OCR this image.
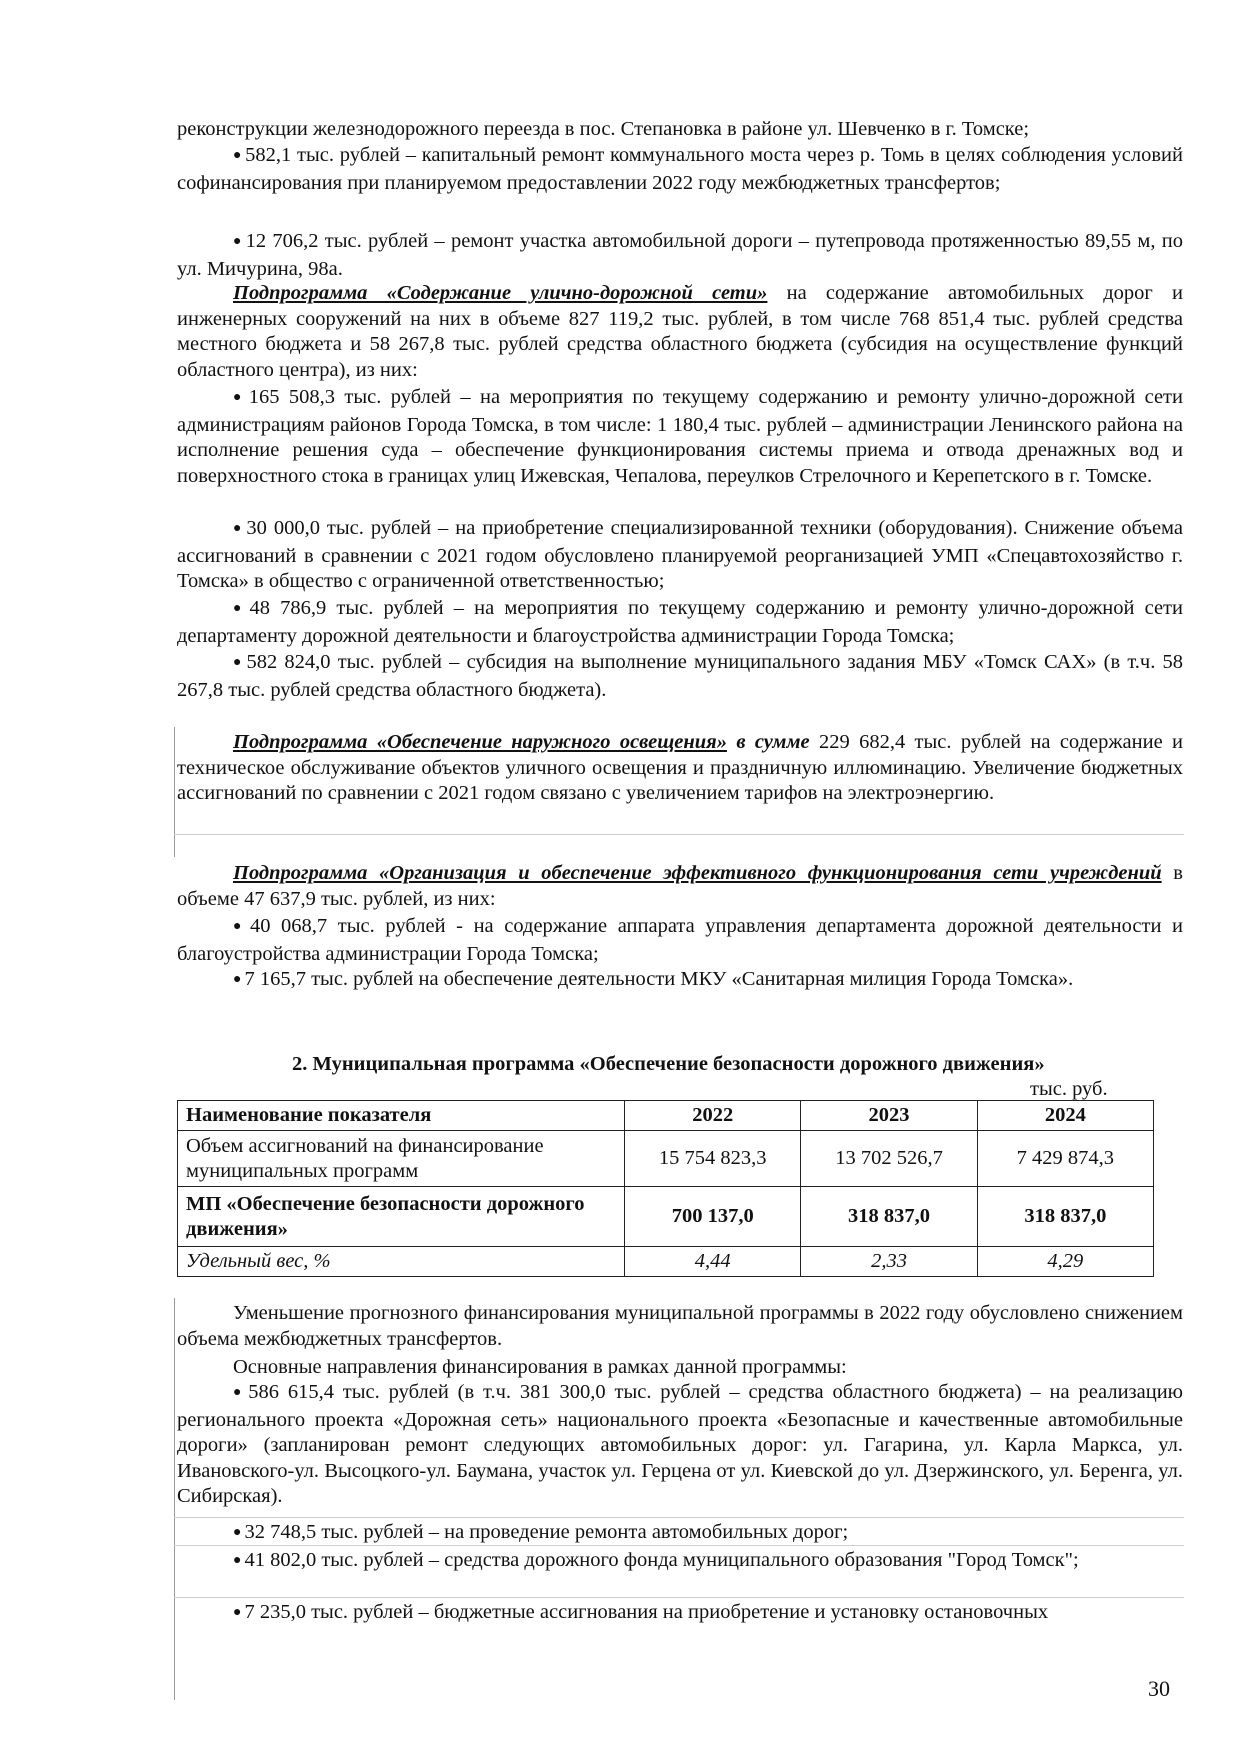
реконструкции железнодорожного переезда в пос. Степановка в районе ул. Шевченко в г. Томске;
● 582,1 тыс. рублей – капитальный ремонт коммунального моста через р. Томь в целях соблюдения условий софинансирования при планируемом предоставлении 2022 году межбюджетных трансфертов;
● 12 706,2 тыс. рублей – ремонт участка автомобильной дороги – путепровода протяженностью 89,55 м, по ул. Мичурина, 98а.
Подпрограмма «Содержание улично-дорожной сети» на содержание автомобильных дорог и инженерных сооружений на них в объеме 827 119,2 тыс. рублей, в том числе 768 851,4 тыс. рублей средства местного бюджета и 58 267,8 тыс. рублей средства областного бюджета (субсидия на осуществление функций областного центра), из них:
● 165 508,3 тыс. рублей – на мероприятия по текущему содержанию и ремонту улично-дорожной сети администрациям районов Города Томска, в том числе: 1 180,4 тыс. рублей – администрации Ленинского района на исполнение решения суда – обеспечение функционирования системы приема и отвода дренажных вод и поверхностного стока в границах улиц Ижевская, Чепалова, переулков Стрелочного и Керепетского в г. Томске.
● 30 000,0 тыс. рублей – на приобретение специализированной техники (оборудования). Снижение объема ассигнований в сравнении с 2021 годом обусловлено планируемой реорганизацией УМП «Спецавтохозяйство г. Томска» в общество с ограниченной ответственностью;
● 48 786,9 тыс. рублей – на мероприятия по текущему содержанию и ремонту улично-дорожной сети департаменту дорожной деятельности и благоустройства администрации Города Томска;
● 582 824,0 тыс. рублей – субсидия на выполнение муниципального задания МБУ «Томск САХ» (в т.ч. 58 267,8 тыс. рублей средства областного бюджета).
Подпрограмма «Обеспечение наружного освещения» в сумме 229 682,4 тыс. рублей на содержание и техническое обслуживание объектов уличного освещения и праздничную иллюминацию. Увеличение бюджетных ассигнований по сравнении с 2021 годом связано с увеличением тарифов на электроэнергию.
Подпрограмма «Организация и обеспечение эффективного функционирования сети учреждений в объеме 47 637,9 тыс. рублей, из них:
● 40 068,7 тыс. рублей - на содержание аппарата управления департамента дорожной деятельности и благоустройства администрации Города Томска;
● 7 165,7 тыс. рублей на обеспечение деятельности МКУ «Санитарная милиция Города Томска».
2. Муниципальная программа «Обеспечение безопасности дорожного движения»
тыс. руб.
Наименование показателя	2022	2023	2024
Объем ассигнований на финансирование муниципальных программ	15 754 823,3	13 702 526,7	7 429 874,3
МП «Обеспечение безопасности дорожного движения»	700 137,0	318 837,0	318 837,0
Удельный вес, %	4,44	2,33	4,29
Уменьшение прогнозного финансирования муниципальной программы в 2022 году обусловлено снижением объема межбюджетных трансфертов.
Основные направления финансирования в рамках данной программы:
● 586 615,4 тыс. рублей (в т.ч. 381 300,0 тыс. рублей – средства областного бюджета) – на реализацию регионального проекта «Дорожная сеть» национального проекта «Безопасные и качественные автомобильные дороги» (запланирован ремонт следующих автомобильных дорог: ул. Гагарина, ул. Карла Маркса, ул. Ивановского-ул. Высоцкого-ул. Баумана, участок ул. Герцена от ул. Киевской до ул. Дзержинского, ул. Беренга, ул. Сибирская).
● 32 748,5 тыс. рублей – на проведение ремонта автомобильных дорог;
● 41 802,0 тыс. рублей – средства дорожного фонда муниципального образования "Город Томск";
● 7 235,0 тыс. рублей – бюджетные ассигнования на приобретение и установку остановочных
30
